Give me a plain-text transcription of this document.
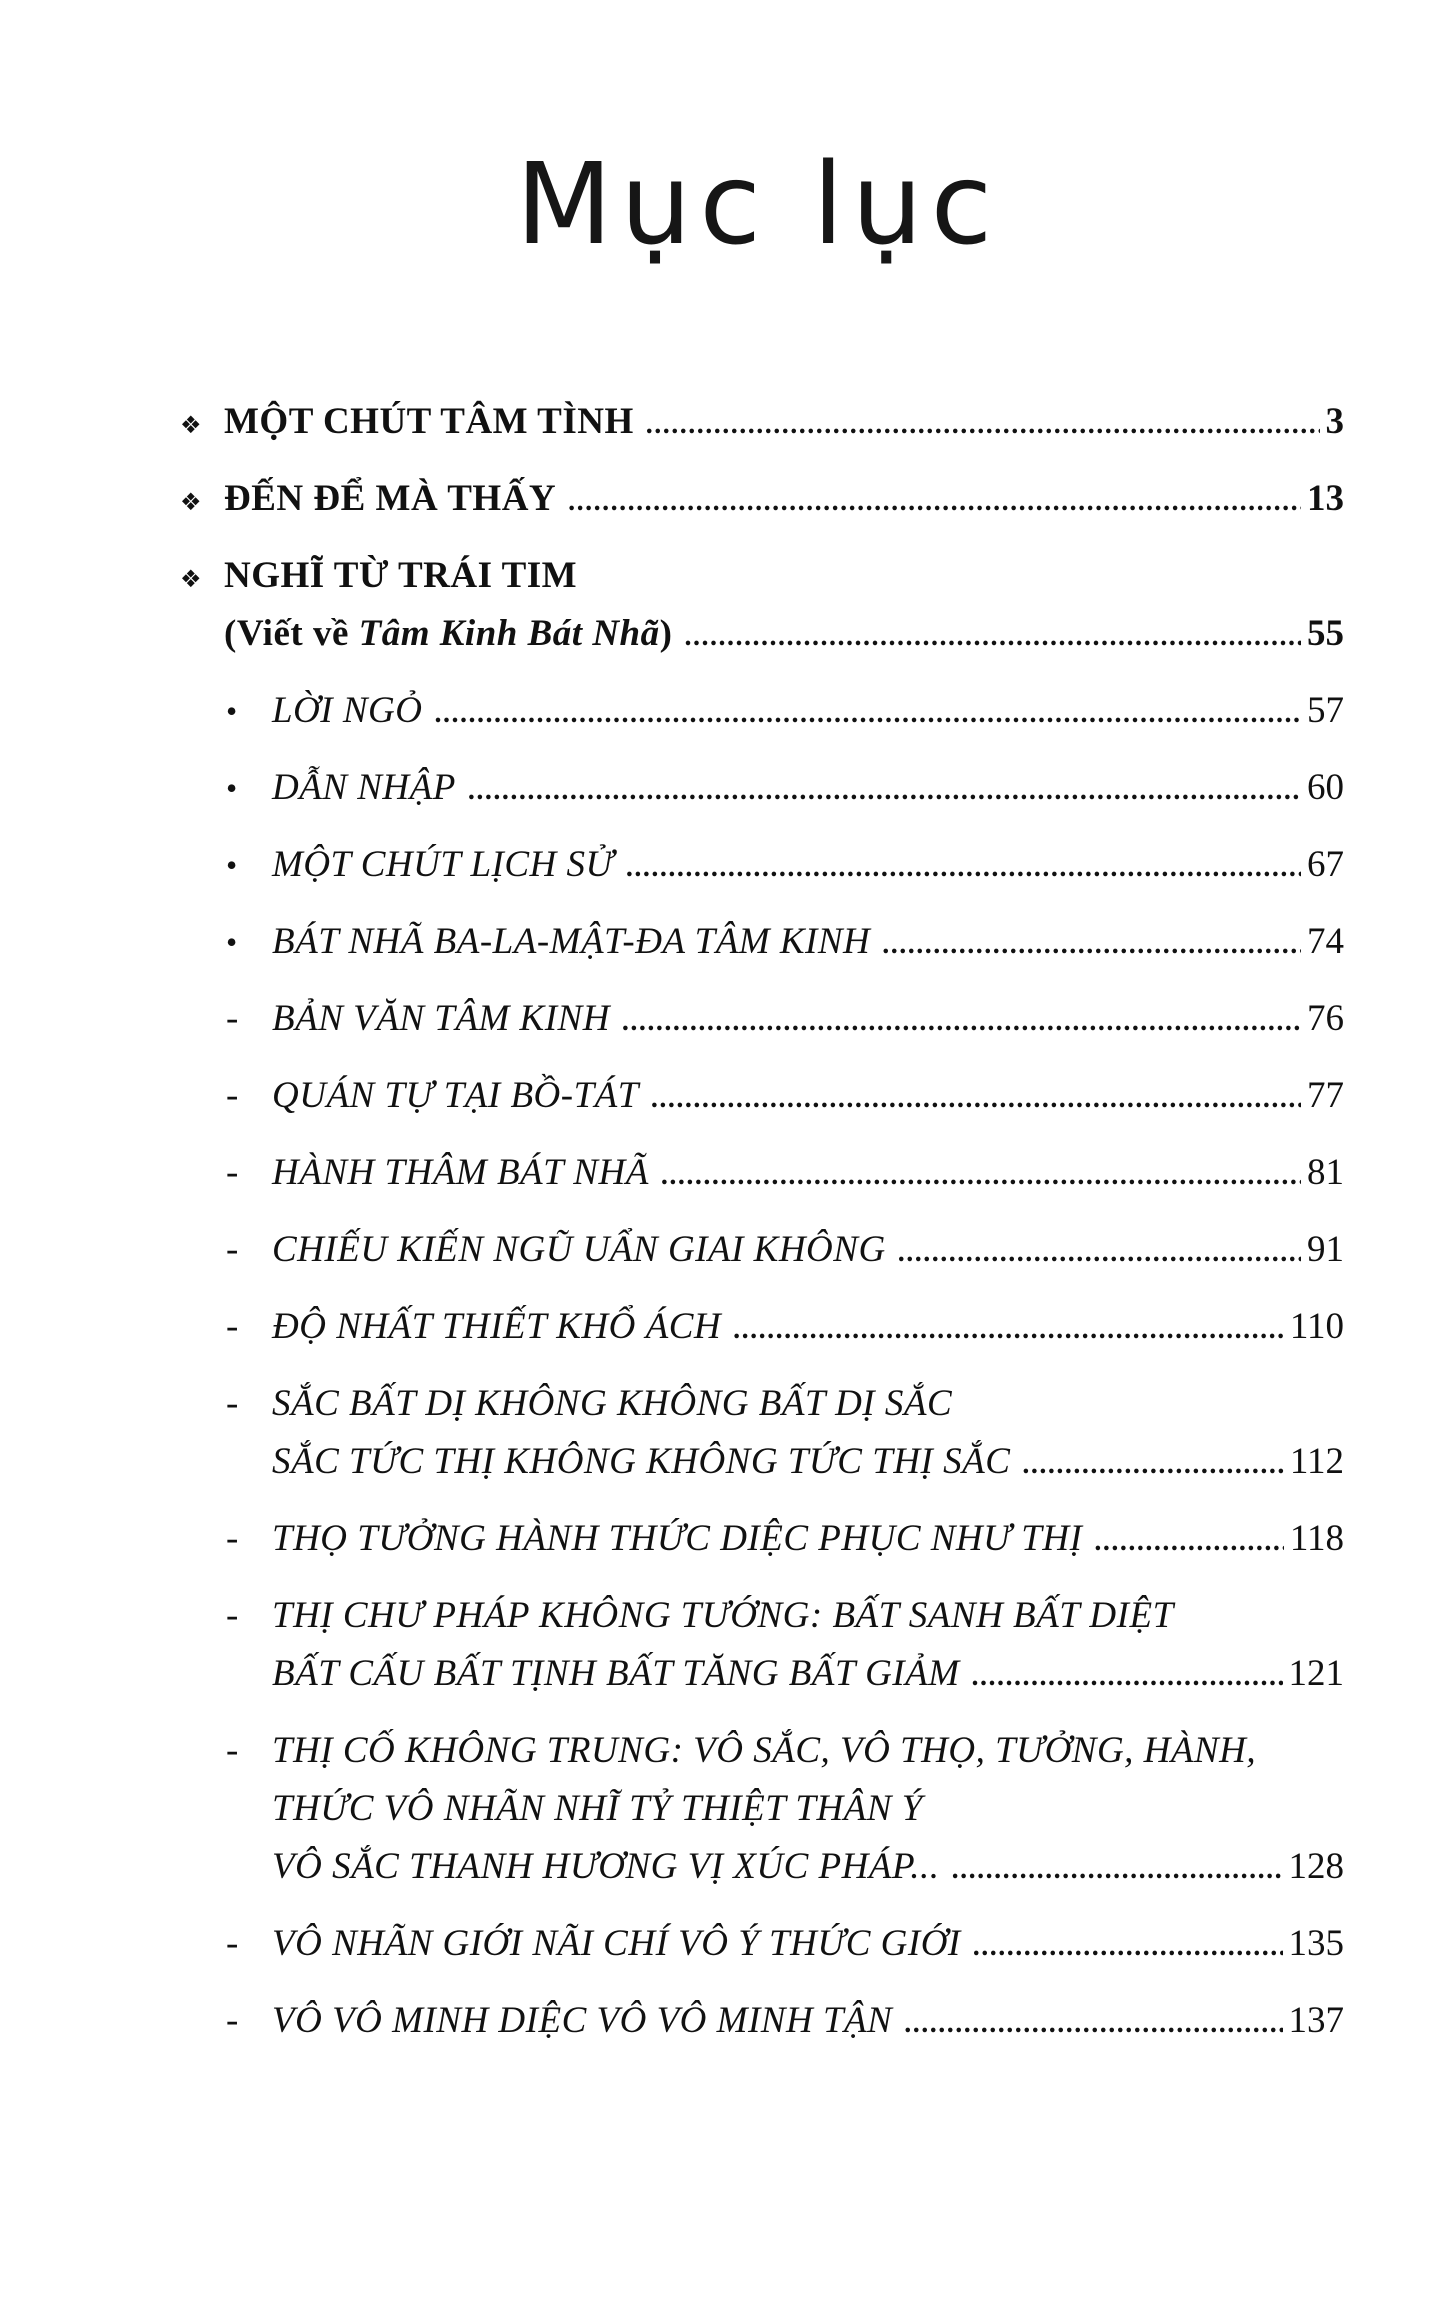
Mục lục
❖ MỘT CHÚT TÂM TÌNH .....	3
❖ ĐẾN ĐỂ MÀ THẤY .....	13
❖ NGHĨ TỪ TRÁI TIM
(Viết về Tâm Kinh Bát Nhã) .....	55
• LỜI NGỎ .....	57
• DẪN NHẬP .....	60
• MỘT CHÚT LỊCH SỬ .....	67
• BÁT NHÃ BA-LA-MẬT-ĐA TÂM KINH .....	74
- BẢN VĂN TÂM KINH .....	76
- QUÁN TỰ TẠI BỒ-TÁT .....	77
- HÀNH THÂM BÁT NHÃ .....	81
- CHIẾU KIẾN NGŨ UẨN GIAI KHÔNG .....	91
- ĐỘ NHẤT THIẾT KHỔ ÁCH .....	110
- SẮC BẤT DỊ KHÔNG KHÔNG BẤT DỊ SẮC
SẮC TỨC THỊ KHÔNG KHÔNG TỨC THỊ SẮC .....	112
- THỌ TƯỞNG HÀNH THỨC DIỆC PHỤC NHƯ THỊ .....	118
- THỊ CHƯ PHÁP KHÔNG TƯỚNG: BẤT SANH BẤT DIỆT
BẤT CẤU BẤT TỊNH BẤT TĂNG BẤT GIẢM .....	121
- THỊ CỐ KHÔNG TRUNG: VÔ SẮC, VÔ THỌ, TƯỞNG, HÀNH,
THỨC VÔ NHÃN NHĨ TỶ THIỆT THÂN Ý
VÔ SẮC THANH HƯƠNG VỊ XÚC PHÁP... .....	128
- VÔ NHÃN GIỚI NÃI CHÍ VÔ Ý THỨC GIỚI .....	135
- VÔ VÔ MINH DIỆC VÔ VÔ MINH TẬN .....	137
